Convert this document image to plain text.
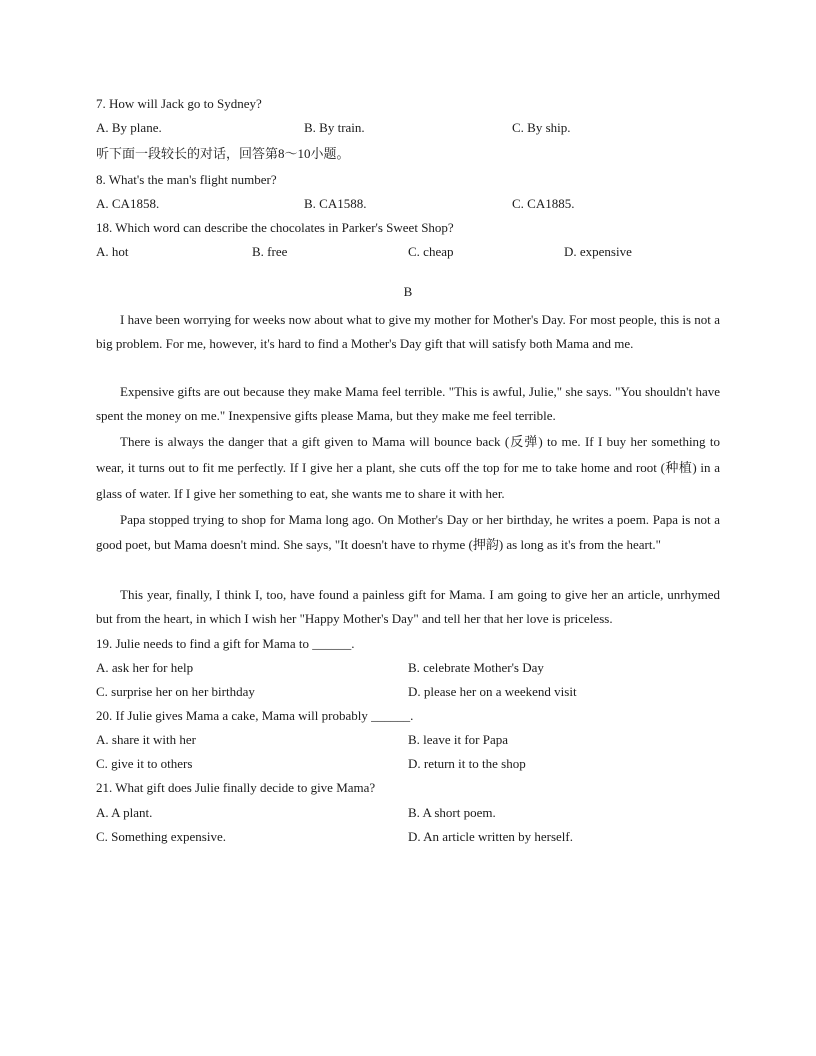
7. How will Jack go to Sydney?
A. By plane.	B. By train.	C. By ship.
听下面一段较长的对话，回答第8～10小题。
8. What's the man's flight number?
A. CA1858.	B. CA1588.	C. CA1885.
18. Which word can describe the chocolates in Parker's Sweet Shop?
A. hot	B. free	C. cheap	D. expensive
B
I have been worrying for weeks now about what to give my mother for Mother's Day. For most people, this is not a big problem. For me, however, it's hard to find a Mother's Day gift that will satisfy both Mama and me.
Expensive gifts are out because they make Mama feel terrible. "This is awful, Julie," she says. "You shouldn't have spent the money on me." Inexpensive gifts please Mama, but they make me feel terrible.
There is always the danger that a gift given to Mama will bounce back (反弹) to me. If I buy her something to wear, it turns out to fit me perfectly. If I give her a plant, she cuts off the top for me to take home and root (种植) in a glass of water. If I give her something to eat, she wants me to share it with her.
Papa stopped trying to shop for Mama long ago. On Mother's Day or her birthday, he writes a poem. Papa is not a good poet, but Mama doesn't mind. She says, "It doesn't have to rhyme (押韵) as long as it's from the heart."
This year, finally, I think I, too, have found a painless gift for Mama. I am going to give her an article, unrhymed but from the heart, in which I wish her "Happy Mother's Day" and tell her that her love is priceless.
19. Julie needs to find a gift for Mama to ______.
A. ask her for help	B. celebrate Mother's Day
C. surprise her on her birthday	D. please her on a weekend visit
20. If Julie gives Mama a cake, Mama will probably ______.
A. share it with her	B. leave it for Papa
C. give it to others	D. return it to the shop
21. What gift does Julie finally decide to give Mama?
A. A plant.	B. A short poem.
C. Something expensive.	D. An article written by herself.
